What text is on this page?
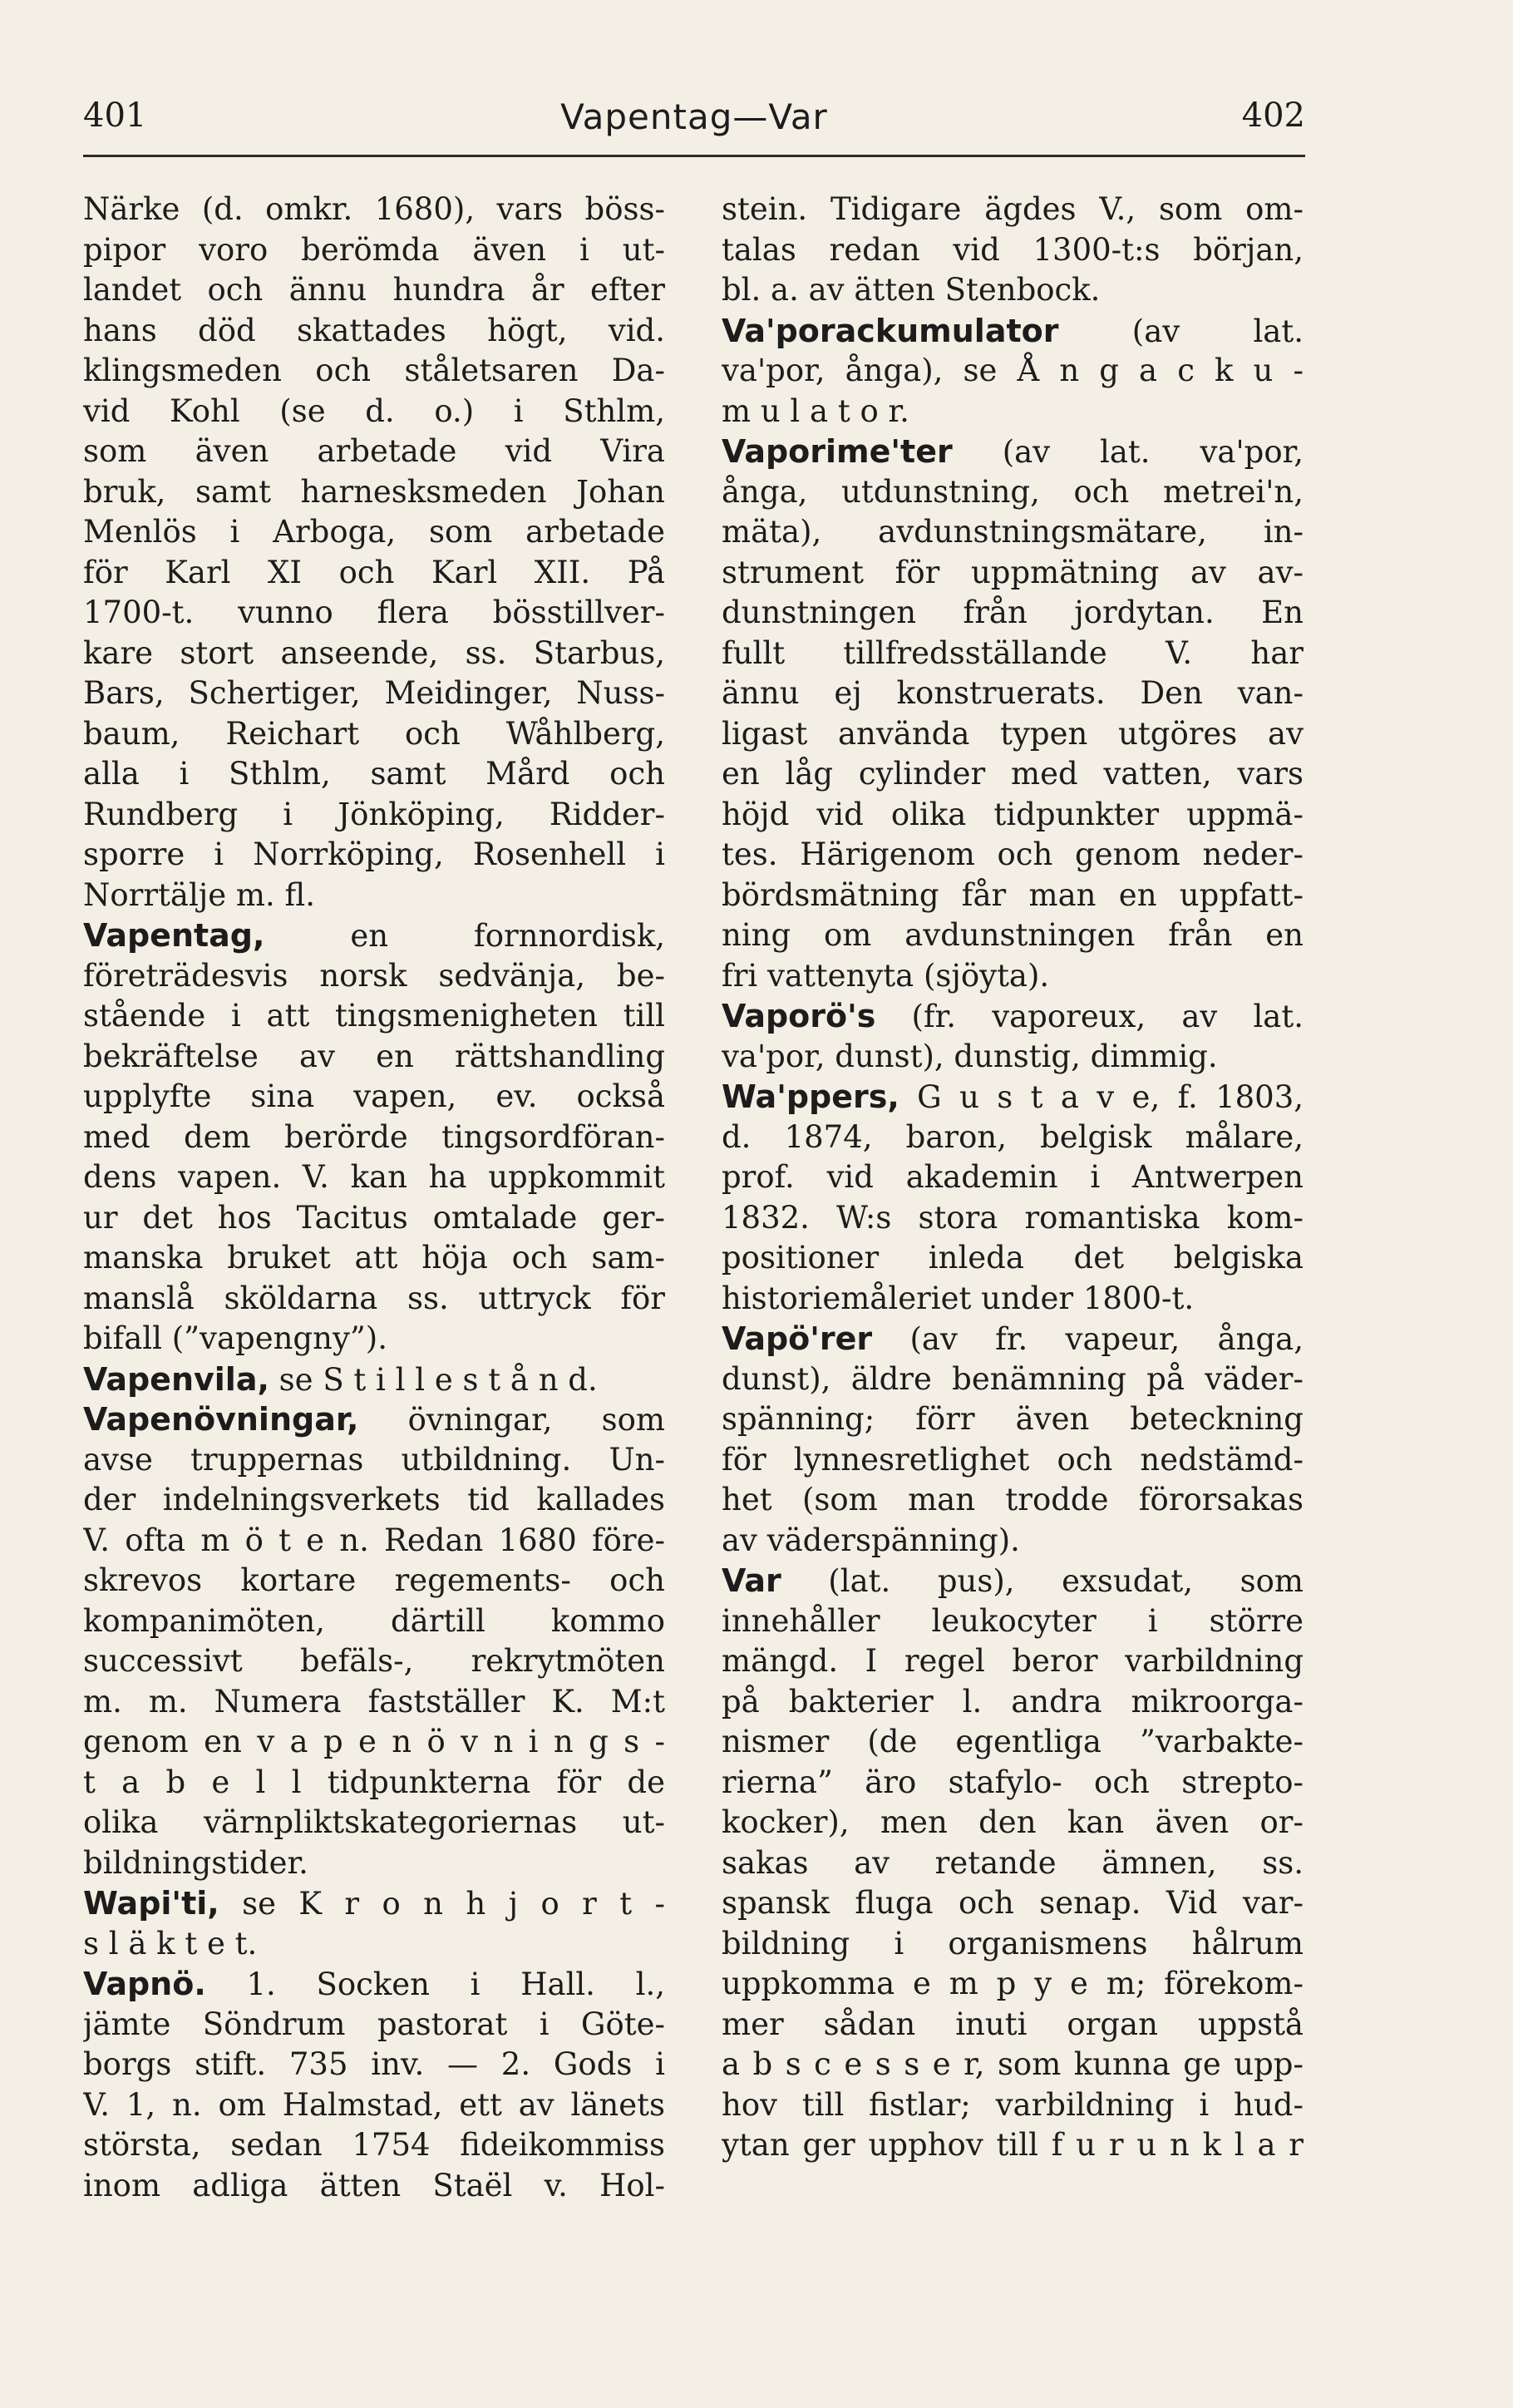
401	Vapentag—Var	402
Närke (d. omkr. 1680), vars böss-
pipor voro berömda även i ut-
landet och ännu hundra år efter
hans död skattades högt, vid.
klingsmeden och ståletsaren Da-
vid Kohl (se d. o.) i Sthlm,
som även arbetade vid Vira
bruk, samt harnesksmeden Johan
Menlös i Arboga, som arbetade
för Karl XI och Karl XII. På
1700-t. vunno flera bösstillver-
kare stort anseende, ss. Starbus,
Bars, Schertiger, Meidinger, Nuss-
baum, Reichart och Wåhlberg,
alla i Sthlm, samt Mård och
Rundberg i Jönköping, Ridder-
sporre i Norrköping, Rosenhell i
Norrtälje m. fl.
Vapentag, en fornnordisk,
företrädesvis norsk sedvänja, be-
stående i att tingsmenigheten till
bekräftelse av en rättshandling
upplyfte sina vapen, ev. också
med dem berörde tingsordföran-
dens vapen. V. kan ha uppkommit
ur det hos Tacitus omtalade ger-
manska bruket att höja och sam-
manslå sköldarna ss. uttryck för
bifall (”vapengny”).
Vapenvila, se S t i l l e s t å n d.
Vapenövningar, övningar, som
avse truppernas utbildning. Un-
der indelningsverkets tid kallades
V. ofta m ö t e n. Redan 1680 före-
skrevos kortare regements- och
kompanimöten, därtill kommo
successivt befäls-, rekrytmöten
m. m. Numera fastställer K. M:t
genom en v a p e n ö v n i n g s -
t a b e l l tidpunkterna för de
olika värnpliktskategoriernas ut-
bildningstider.
Wapi'ti, se K r o n h j o r t -
s l ä k t e t.
Vapnö. 1. Socken i Hall. l.,
jämte Söndrum pastorat i Göte-
borgs stift. 735 inv. — 2. Gods i
V. 1, n. om Halmstad, ett av länets
största, sedan 1754 fideikommiss
inom adliga ätten Staël v. Hol-
stein. Tidigare ägdes V., som om-
talas redan vid 1300-t:s början,
bl. a. av ätten Stenbock.
Va'porackumulator (av lat.
va'por, ånga), se Å n g a c k u -
m u l a t o r.
Vaporime'ter (av lat. va'por,
ånga, utdunstning, och metrei'n,
mäta), avdunstningsmätare, in-
strument för uppmätning av av-
dunstningen från jordytan. En
fullt tillfredsställande V. har
ännu ej konstruerats. Den van-
ligast använda typen utgöres av
en låg cylinder med vatten, vars
höjd vid olika tidpunkter uppmä-
tes. Härigenom och genom neder-
bördsmätning får man en uppfatt-
ning om avdunstningen från en
fri vattenyta (sjöyta).
Vaporö's (fr. vaporeux, av lat.
va'por, dunst), dunstig, dimmig.
Wa'ppers, G u s t a v e, f. 1803,
d. 1874, baron, belgisk målare,
prof. vid akademin i Antwerpen
1832. W:s stora romantiska kom-
positioner inleda det belgiska
historiemåleriet under 1800-t.
Vapö'rer (av fr. vapeur, ånga,
dunst), äldre benämning på väder-
spänning; förr även beteckning
för lynnesretlighet och nedstämd-
het (som man trodde förorsakas
av väderspänning).
Var (lat. pus), exsudat, som
innehåller leukocyter i större
mängd. I regel beror varbildning
på bakterier l. andra mikroorga-
nismer (de egentliga ”varbakte-
rierna” äro stafylo- och strepto-
kocker), men den kan även or-
sakas av retande ämnen, ss.
spansk fluga och senap. Vid var-
bildning i organismens hålrum
uppkomma e m p y e m; förekom-
mer sådan inuti organ uppstå
a b s c e s s e r, som kunna ge upp-
hov till fistlar; varbildning i hud-
ytan ger upphov till f u r u n k l a r
